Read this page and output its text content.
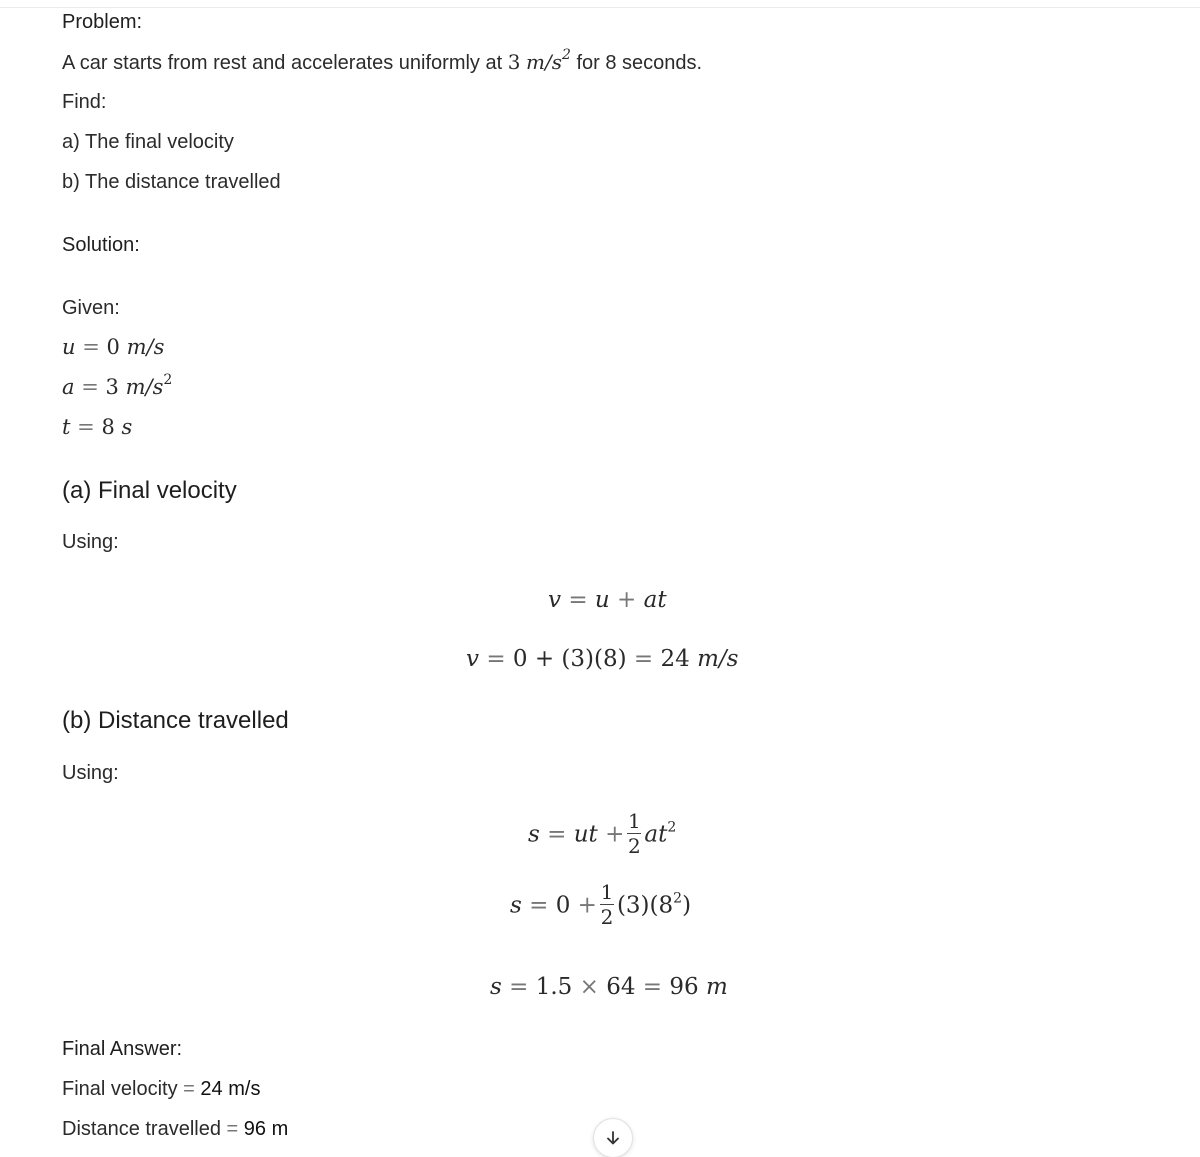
Problem:
A car starts from rest and accelerates uniformly at 3 $m/s^2$ for 8 seconds.
Find:
a) The final velocity
b) The distance travelled
Solution:
Given:
u = 0 m/s
a = 3 $m/s^2$
t = 8 s
(a) Final velocity
Using:
v = u + at
v = 0 + (3)(8) = 24 m/s
(b) Distance travelled
Using:
s = ut + $\frac{1}{2} at^2$
$s = 0 + \frac{1}{2} (3)(8^2)$
s = 1.5 × 64 = 96 m
Final Answer:
Final velocity = 24 m/s
Distance travelled = 96 m
